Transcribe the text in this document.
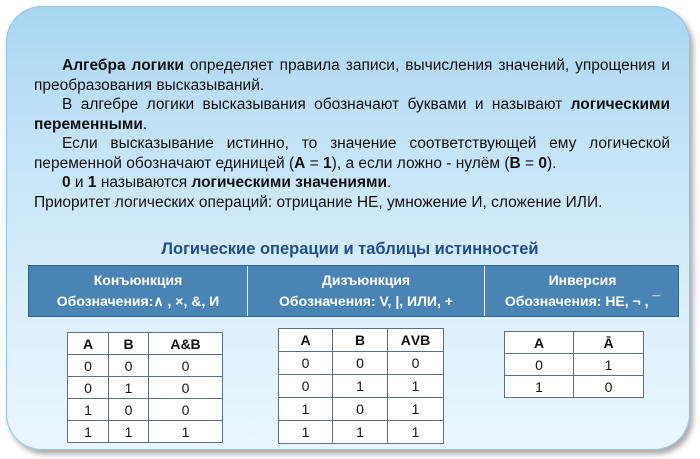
Алгебра логики определяет правила записи, вычисления значений, упрощения и преобразования высказываний.

В алгебре логики высказывания обозначают буквами и называют логическими переменными.

Если высказывание истинно, то значение соответствующей ему логической переменной обозначают единицей (А = 1), а если ложно - нулём (В = 0).

0 и 1 называются логическими значениями.

Приоритет логических операций: отрицание НЕ, умножение И, сложение ИЛИ.

Логические операции и таблицы истинностей
Конъюнкция
Обозначения:∧ , ×, &, И
Дизъюнкция
Обозначения: V, |, ИЛИ, +
Инверсия
Обозначения: НЕ, ¬ , ¯
А	В	А&В
0	0	0
0	1	0
1	0	0
1	1	1
А	В	АVВ
0	0	0
0	1	1
1	0	1
1	1	1
А	Ā
0	1
1	0
